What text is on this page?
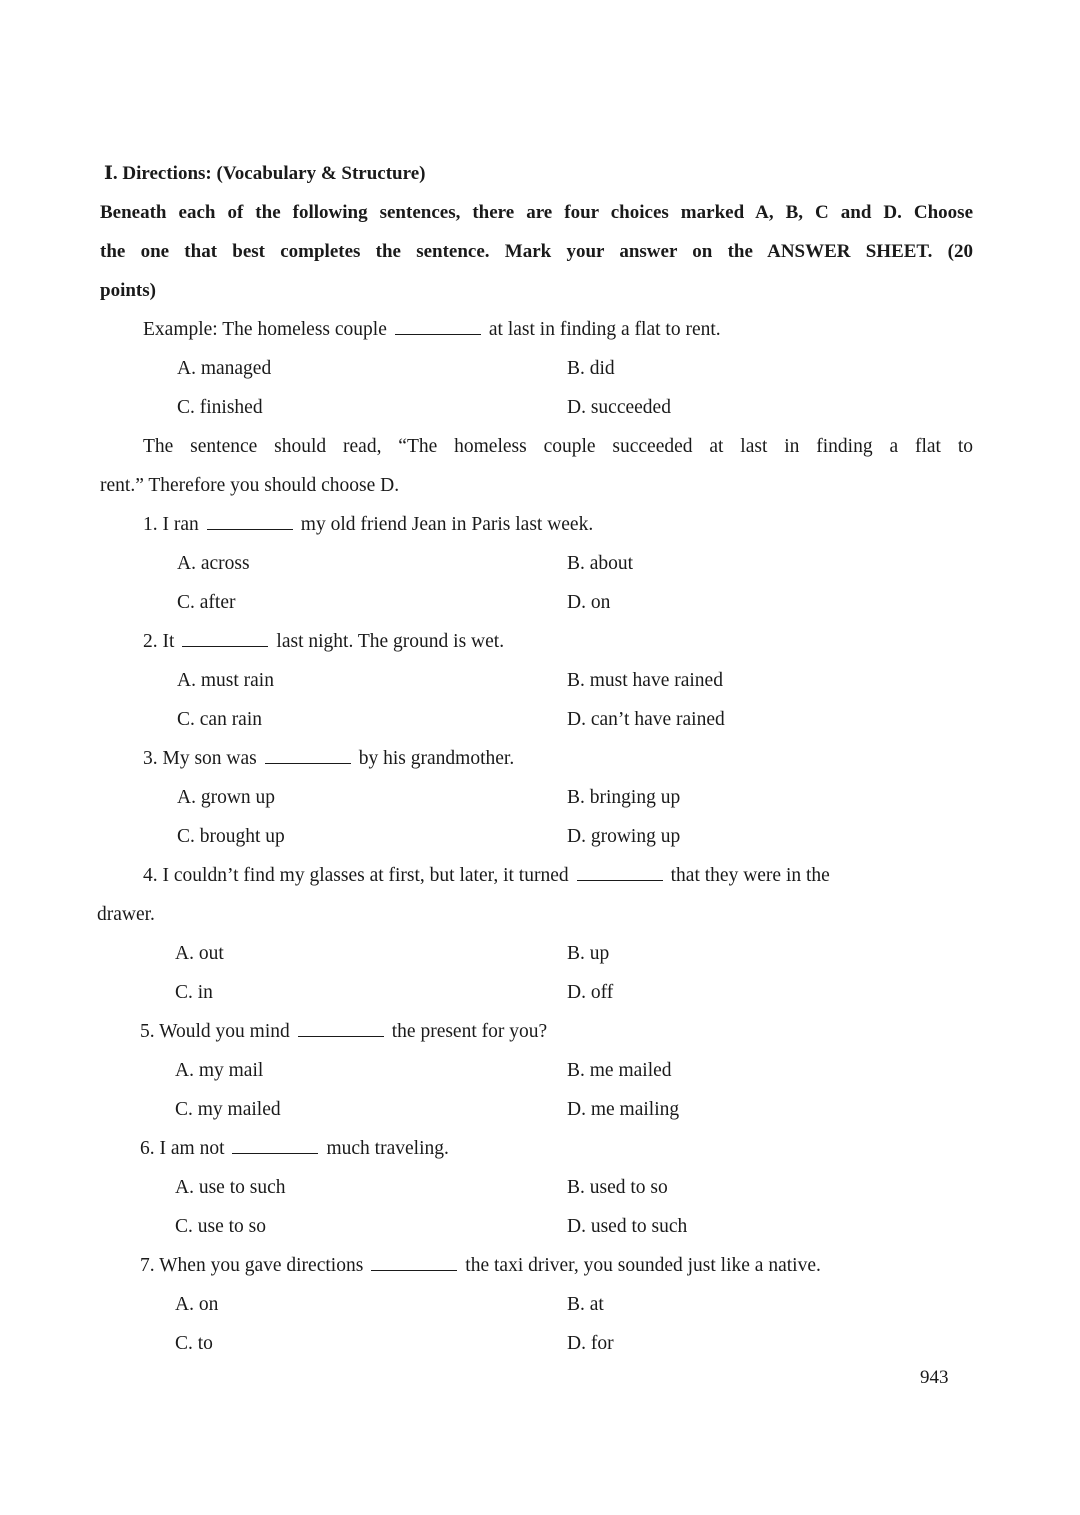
Ⅰ. Directions: (Vocabulary & Structure)
Beneath each of the following sentences, there are four choices marked A, B, C and D. Choose
the one that best completes the sentence. Mark your answer on the ANSWER SHEET. (20
points)
Example: The homeless couple	at last in finding a flat to rent.
A. managed	B. did
C. finished	D. succeeded
The sentence should read, “The homeless couple succeeded at last in finding a flat to
rent.” Therefore you should choose D.
1. I ran	my old friend Jean in Paris last week.
A. across	B. about
C. after	D. on
2. It	last night. The ground is wet.
A. must rain	B. must have rained
C. can rain	D. can’t have rained
3. My son was	by his grandmother.
A. grown up	B. bringing up
C. brought up	D. growing up
4. I couldn’t find my glasses at first, but later, it turned	that they were in the
drawer.
A. out	B. up
C. in	D. off
5. Would you mind	the present for you?
A. my mail	B. me mailed
C. my mailed	D. me mailing
6. I am not	much traveling.
A. use to such	B. used to so
C. use to so	D. used to such
7. When you gave directions	the taxi driver, you sounded just like a native.
A. on	B. at
C. to	D. for
943
